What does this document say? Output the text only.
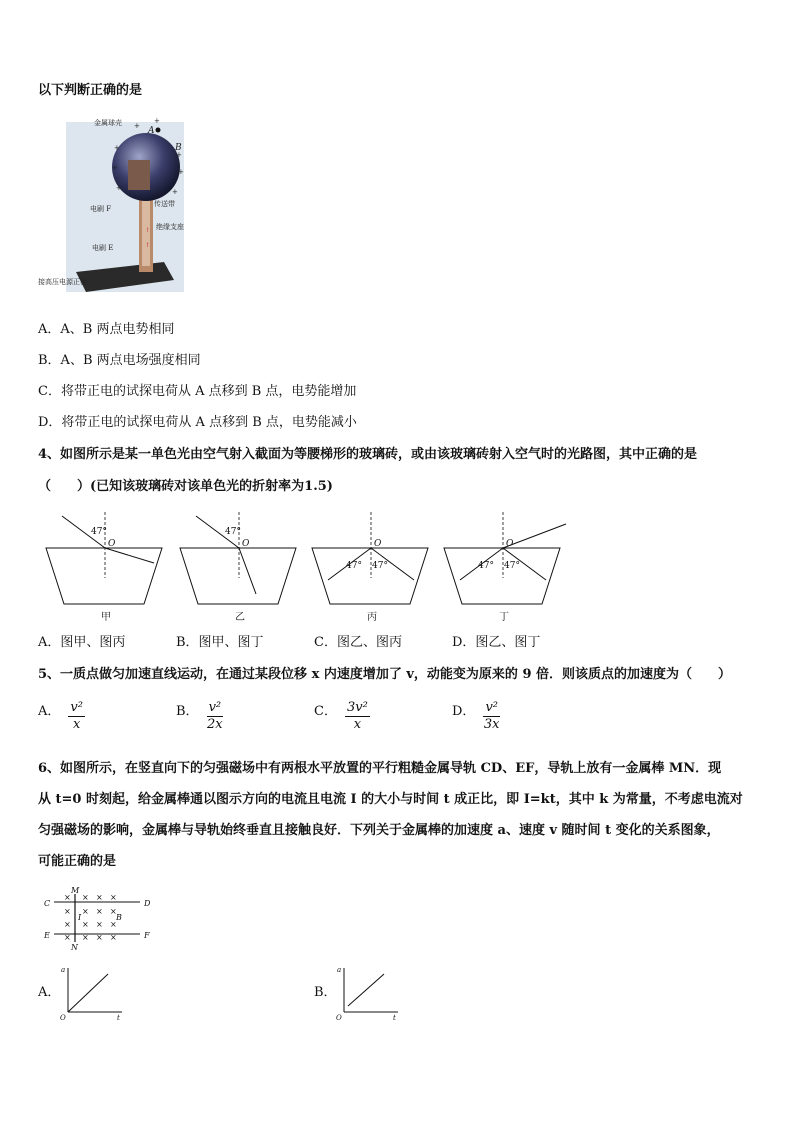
以下判断正确的是
↑
↑
+
+
+
+
+
+
+
+
金属球壳
A
B
电刷 F
传送带
绝缘支座
电刷 E
接高压电源正极
A．A、B 两点电势相同
B．A、B 两点电场强度相同
C．将带正电的试探电荷从 A 点移到 B 点，电势能增加
D．将带正电的试探电荷从 A 点移到 B 点，电势能减小
4、如图所示是某一单色光由空气射入截面为等腰梯形的玻璃砖，或由该玻璃砖射入空气时的光路图，其中正确的是
（　　）(已知该玻璃砖对该单色光的折射率为1.5)
47°
O
甲
47°
O
乙
47° 47°
O
丙
47° 47°
O
丁
A．图甲、图丙	B．图甲、图丁	C．图乙、图丙	D．图乙、图丁
5、一质点做匀加速直线运动，在通过某段位移 x 内速度增加了 v，动能变为原来的 9 倍．则该质点的加速度为（　　）
A． $\frac{\text{v²}}{x}$	B． $\frac{\text{v²}}{2x}$	C． $\frac{\text{3v²}}{x}$	D． $\frac{\text{v²}}{3x}$
6、如图所示，在竖直向下的匀强磁场中有两根水平放置的平行粗糙金属导轨 CD、EF，导轨上放有一金属棒 MN．现
从 t=0 时刻起，给金属棒通以图示方向的电流且电流 I 的大小与时间 t 成正比，即 I=kt，其中 k 为常量，不考虑电流对
匀强磁场的影响，金属棒与导轨始终垂直且接触良好．下列关于金属棒的加速度 a、速度 v 随时间 t 变化的关系图象，
可能正确的是
C	D
E	F
M
N
B
I
× × × ×
× × × ×
× × × ×
× × × ×
A．
a
t
O
B．
a
t
O
